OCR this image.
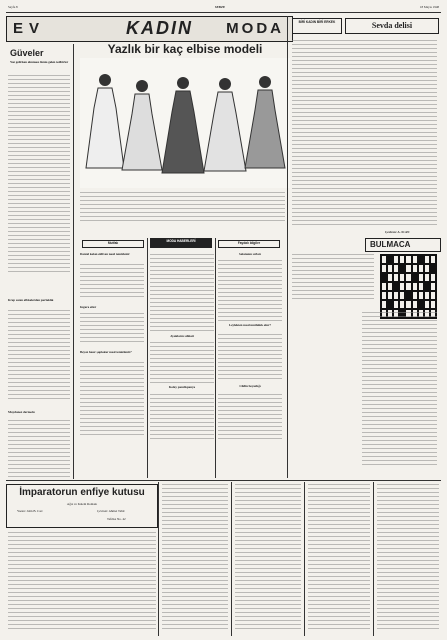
Sayfa 8	SEBZE	18 Mayıs 1948
EV	KADIN	MODA
Güveler
Yaz gelirken alınması lâzım gelen tedbirler
Krep saten elbiselerden parlaklık
Maydanoz dermolu
Yazlık bir kaç elbise modeli
Mutfak	MODA HABERLERİ	Faydalı bilgiler
Dantel kolan eldiven nasıl temizlenir
Ingara etler
Beyaz hasır şapkalar nasıl temizlenir?
Ayakların sıhhati
Kolay pandispanya
Salatanın sırları
Leylekten nasıl mutluluk olur?
Cildin beyazlığı
BİRİ KADIN BİRİ ERKEK	Sevda delisi
Çeviren: A. ICAN
BULMACA
İmparatorun enfiye kutusu
Ağız ve Kalem Romanı
Yazan: John B. Carr	Çeviren: Ahmet Tahir
Tefrika No. 42
